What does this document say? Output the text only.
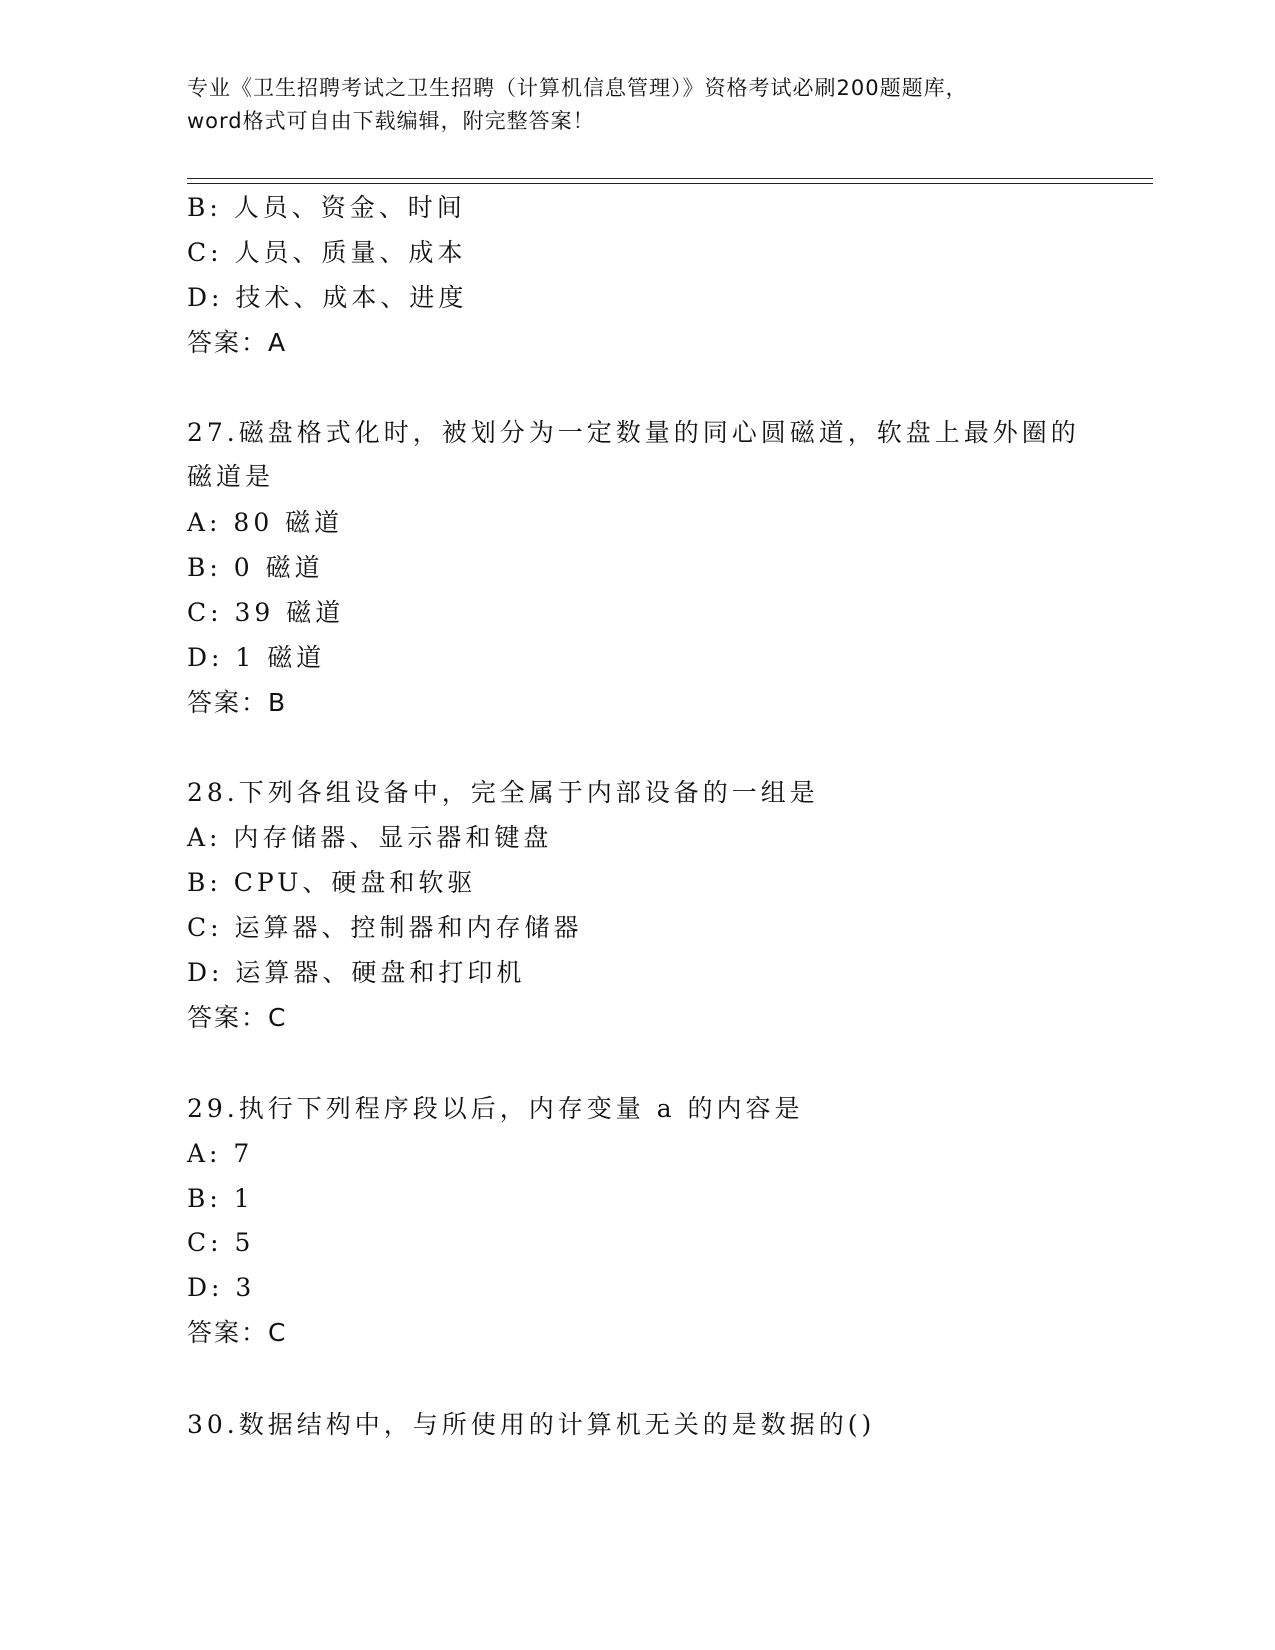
专业《卫生招聘考试之卫生招聘（计算机信息管理）》资格考试必刷200题题库，
word格式可自由下载编辑，附完整答案！
B: 人员、资金、时间
C: 人员、质量、成本
D: 技术、成本、进度
答案：A
27.磁盘格式化时，被划分为一定数量的同心圆磁道，软盘上最外圈的
磁道是
A: 80 磁道
B: 0 磁道
C: 39 磁道
D: 1 磁道
答案：B
28.下列各组设备中，完全属于内部设备的一组是
A: 内存储器、显示器和键盘
B: CPU、硬盘和软驱
C: 运算器、控制器和内存储器
D: 运算器、硬盘和打印机
答案：C
29.执行下列程序段以后，内存变量 a 的内容是
A: 7
B: 1
C: 5
D: 3
答案：C
30.数据结构中，与所使用的计算机无关的是数据的()
